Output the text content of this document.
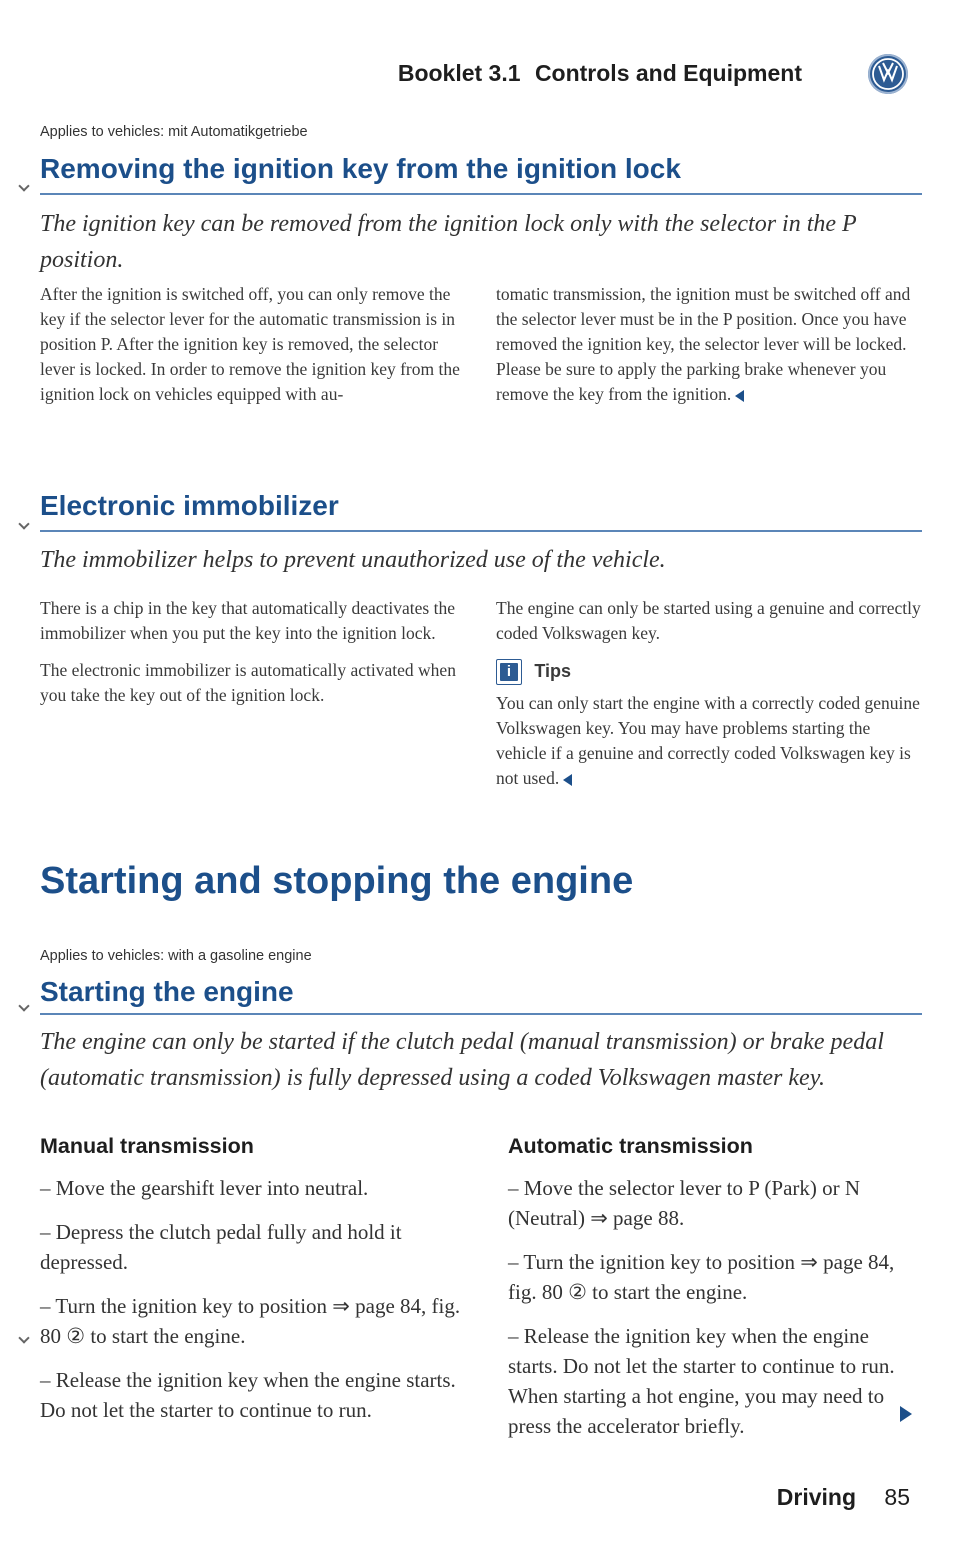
Booklet 3.1 Controls and Equipment
Applies to vehicles: mit Automatikgetriebe
Removing the ignition key from the ignition lock
The ignition key can be removed from the ignition lock only with the selector in the P position.

After the ignition is switched off, you can only remove the key if the selector lever for the automatic transmission is in position P. After the ignition key is removed, the selector lever is locked. In order to remove the ignition key from the ignition lock on vehicles equipped with au-

tomatic transmission, the ignition must be switched off and the selector lever must be in the P position. Once you have removed the ignition key, the selector lever will be locked. Please be sure to apply the parking brake whenever you remove the key from the ignition.

Electronic immobilizer
The immobilizer helps to prevent unauthorized use of the vehicle.

There is a chip in the key that automatically deactivates the immobilizer when you put the key into the ignition lock.

The electronic immobilizer is automatically activated when you take the key out of the ignition lock.

The engine can only be started using a genuine and correctly coded Volkswagen key.

i Tips

You can only start the engine with a correctly coded genuine Volkswagen key. You may have problems starting the vehicle if a genuine and correctly coded Volkswagen key is not used.

Starting and stopping the engine
Applies to vehicles: with a gasoline engine
Starting the engine
The engine can only be started if the clutch pedal (manual transmission) or brake pedal (automatic transmission) is fully depressed using a coded Volkswagen master key.
Manual transmission

– Move the gearshift lever into neutral.

– Depress the clutch pedal fully and hold it depressed.

– Turn the ignition key to position ⇒ page 84, fig. 80 ② to start the engine.

– Release the ignition key when the engine starts. Do not let the starter to continue to run.

Automatic transmission

– Move the selector lever to P (Park) or N (Neutral) ⇒ page 88.

– Turn the ignition key to position ⇒ page 84, fig. 80 ② to start the engine.

– Release the ignition key when the engine starts. Do not let the starter to continue to run. When starting a hot engine, you may need to press the accelerator briefly.

Driving 85
